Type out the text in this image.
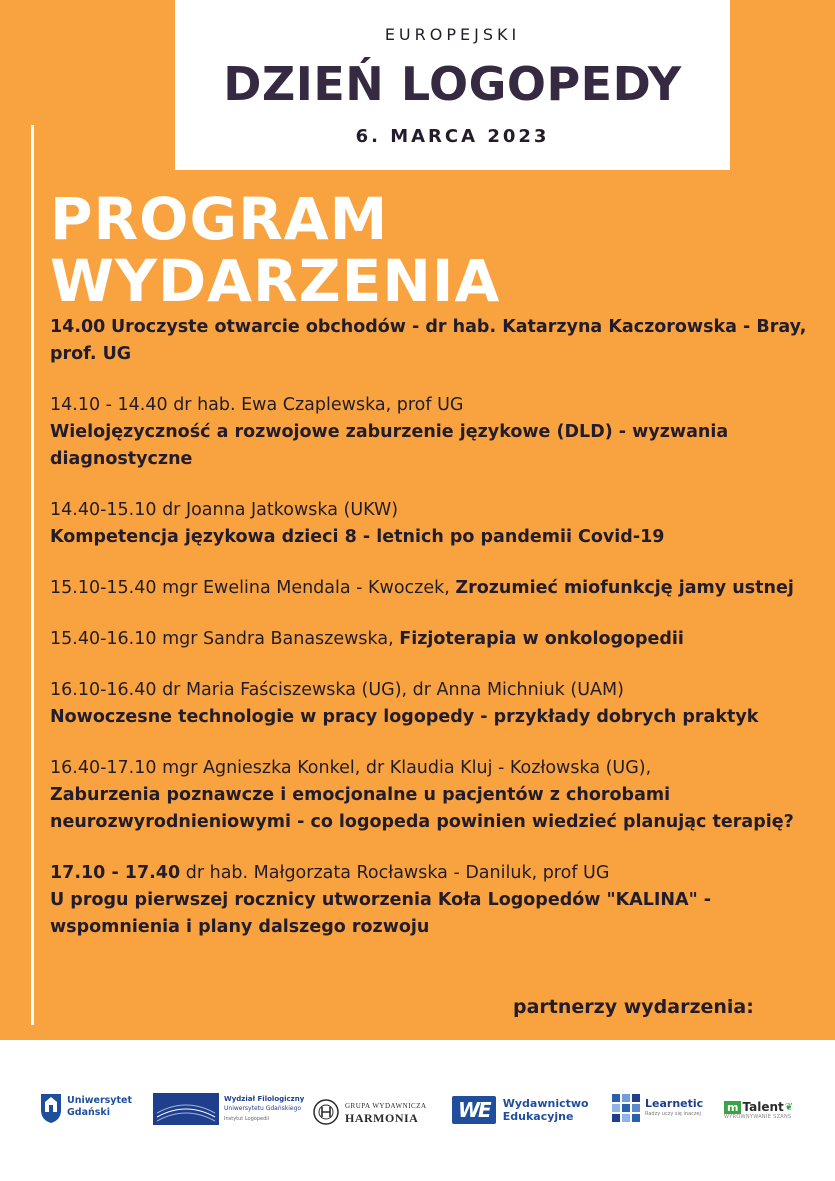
EUROPEJSKI
DZIEŃ LOGOPEDY
6. MARCA 2023
PROGRAM
WYDARZENIA
14.00 Uroczyste otwarcie obchodów - dr hab. Katarzyna Kaczorowska - Bray, prof. UG
14.10 - 14.40 dr hab. Ewa Czaplewska, prof UG
Wielojęzyczność a rozwojowe zaburzenie językowe (DLD) - wyzwania diagnostyczne
14.40-15.10 dr Joanna Jatkowska (UKW)
Kompetencja językowa dzieci 8 - letnich po pandemii Covid-19
15.10-15.40 mgr Ewelina Mendala - Kwoczek, Zrozumieć miofunkcję jamy ustnej
15.40-16.10 mgr Sandra Banaszewska, Fizjoterapia w onkologopedii
16.10-16.40 dr Maria Faściszewska (UG), dr Anna Michniuk (UAM)
Nowoczesne technologie w pracy logopedy - przykłady dobrych praktyk
16.40-17.10 mgr Agnieszka Konkel, dr Klaudia Kluj - Kozłowska (UG),
Zaburzenia poznawcze i emocjonalne u pacjentów z chorobami neurozwyrodnieniowymi - co logopeda powinien wiedzieć planując terapię?
17.10 - 17.40 dr hab. Małgorzata Rocławska - Daniluk, prof UG
U progu pierwszej rocznicy utworzenia Koła Logopedów "KALINA" - wspomnienia i plany dalszego rozwoju
partnerzy wydarzenia:
Uniwersytet
Gdański
Wydział Filologiczny
Uniwersytetu Gdańskiego
Instytut Logopedii
GRUPA WYDAWNICZA
HARMONIA	WE	Wydawnictwo
Edukacyjne
Learnetic
Radzy uczy się inaczej
m Talent ❦
WYRÓWNYWANIE SZANS
